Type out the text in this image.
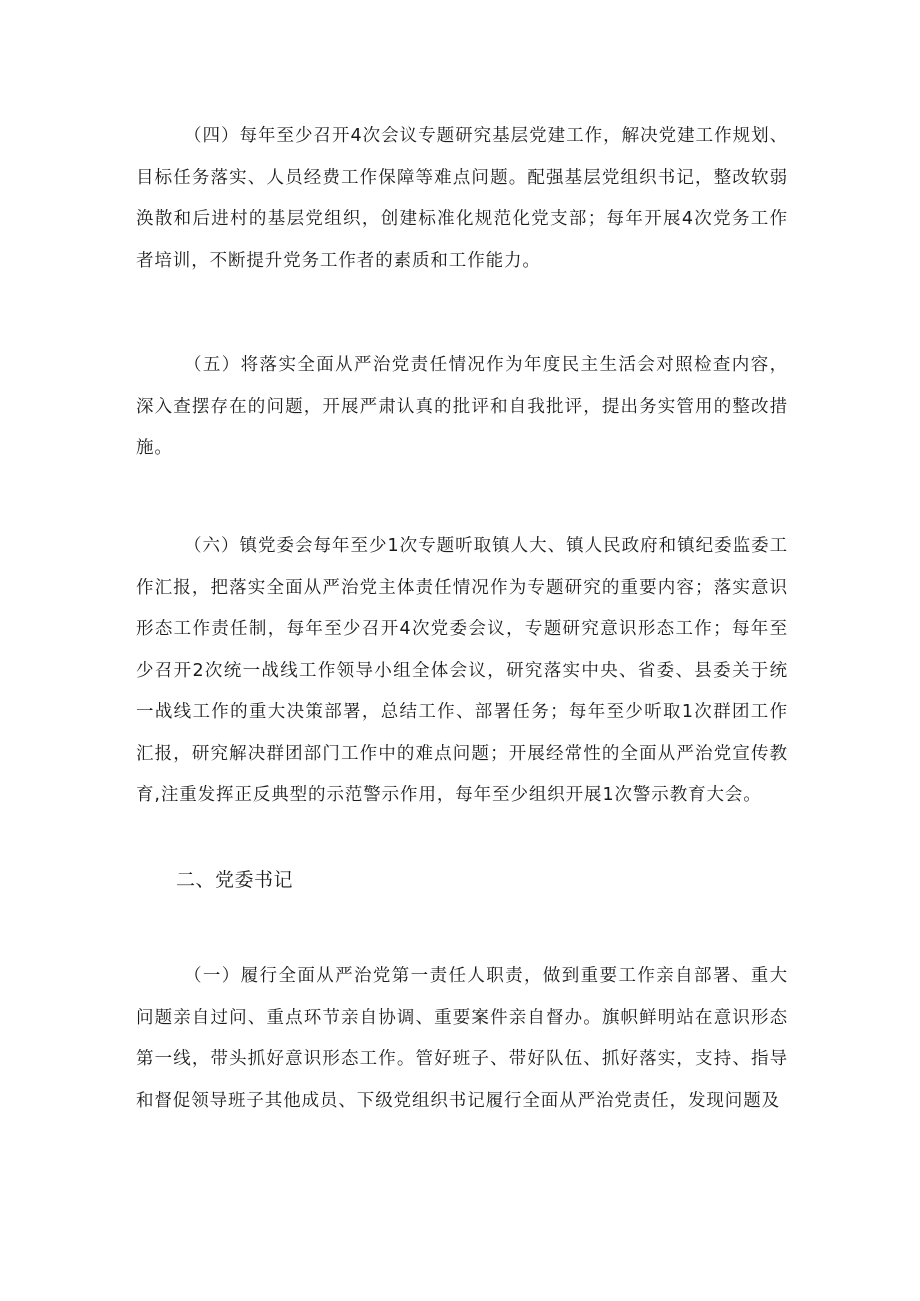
（四）每年至少召开4次会议专题研究基层党建工作，解决党建工作规划、目标任务落实、人员经费工作保障等难点问题。配强基层党组织书记，整改软弱涣散和后进村的基层党组织，创建标准化规范化党支部；每年开展4次党务工作者培训，不断提升党务工作者的素质和工作能力。

（五）将落实全面从严治党责任情况作为年度民主生活会对照检查内容，深入查摆存在的问题，开展严肃认真的批评和自我批评，提出务实管用的整改措施。

（六）镇党委会每年至少1次专题听取镇人大、镇人民政府和镇纪委监委工作汇报，把落实全面从严治党主体责任情况作为专题研究的重要内容；落实意识形态工作责任制，每年至少召开4次党委会议，专题研究意识形态工作；每年至少召开2次统一战线工作领导小组全体会议，研究落实中央、省委、县委关于统一战线工作的重大决策部署，总结工作、部署任务；每年至少听取1次群团工作汇报，研究解决群团部门工作中的难点问题；开展经常性的全面从严治党宣传教育,注重发挥正反典型的示范警示作用，每年至少组织开展1次警示教育大会。

二、党委书记

（一）履行全面从严治党第一责任人职责，做到重要工作亲自部署、重大问题亲自过问、重点环节亲自协调、重要案件亲自督办。旗帜鲜明站在意识形态第一线，带头抓好意识形态工作。管好班子、带好队伍、抓好落实，支持、指导和督促领导班子其他成员、下级党组织书记履行全面从严治党责任，发现问题及
